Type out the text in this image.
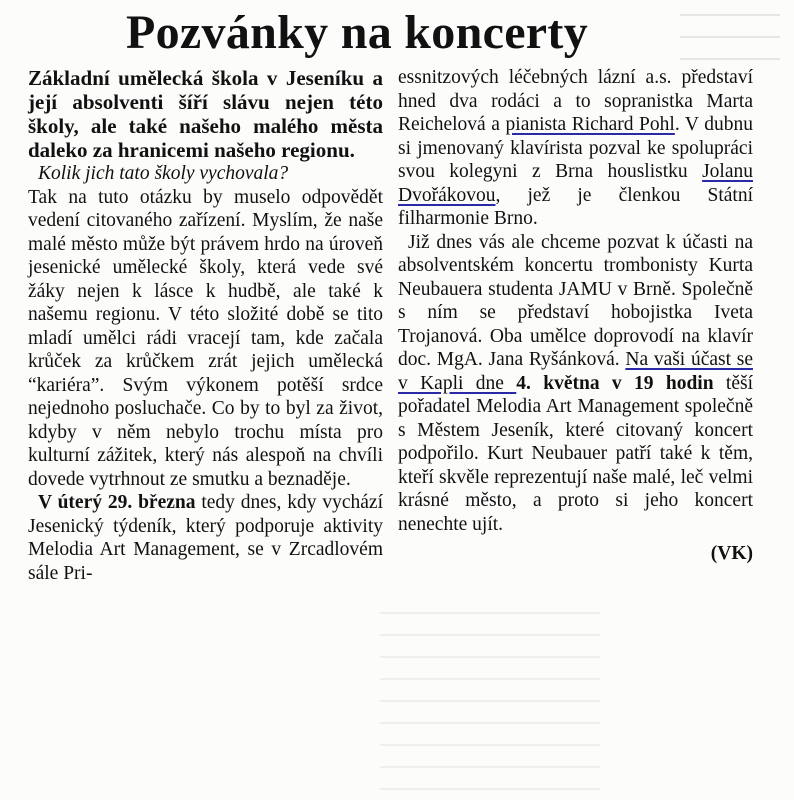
Pozvánky na koncerty

Základní umělecká škola v Jeseníku a její absolventi šíří slávu nejen této školy, ale také našeho malého města daleko za hranicemi našeho regionu.

Kolik jich tato školy vychovala?

Tak na tuto otázku by muselo odpovědět vedení citovaného zařízení. Myslím, že naše malé město může být právem hrdo na úroveň jesenické umělecké školy, která vede své žáky nejen k lásce k hudbě, ale také k našemu regionu. V této složité době se tito mladí umělci rádi vracejí tam, kde začala krůček za krůčkem zrát jejich umělecká “kariéra”. Svým výkonem potěší srdce nejednoho posluchače. Co by to byl za život, kdyby v něm nebylo trochu místa pro kulturní zážitek, který nás alespoň na chvíli dovede vytrhnout ze smutku a beznaděje.

V úterý 29. března tedy dnes, kdy vychází Jesenický týdeník, který podporuje aktivity Melodia Art Management, se v Zrcadlovém sále Pri-

essnitzových léčebných lázní a.s. představí hned dva rodáci a to sopranistka Marta Reichelová a pianista Richard Pohl. V dubnu si jmenovaný klavírista pozval ke spolupráci svou kolegyni z Brna houslistku Jolanu Dvořákovou, jež je členkou Státní filharmonie Brno.

Již dnes vás ale chceme pozvat k účasti na absolventském koncertu trombonisty Kurta Neubauera studenta JAMU v Brně. Společně s ním se představí hobojistka Iveta Trojanová. Oba umělce doprovodí na klavír doc. MgA. Jana Ryšánková. Na vaši účast se v Kapli dne 4. května v 19 hodin těší pořadatel Melodia Art Management společně s Městem Jeseník, které citovaný koncert podpořilo. Kurt Neubauer patří také k těm, kteří skvěle reprezentují naše malé, leč velmi krásné město, a proto si jeho koncert nenechte ujít.

(VK)
